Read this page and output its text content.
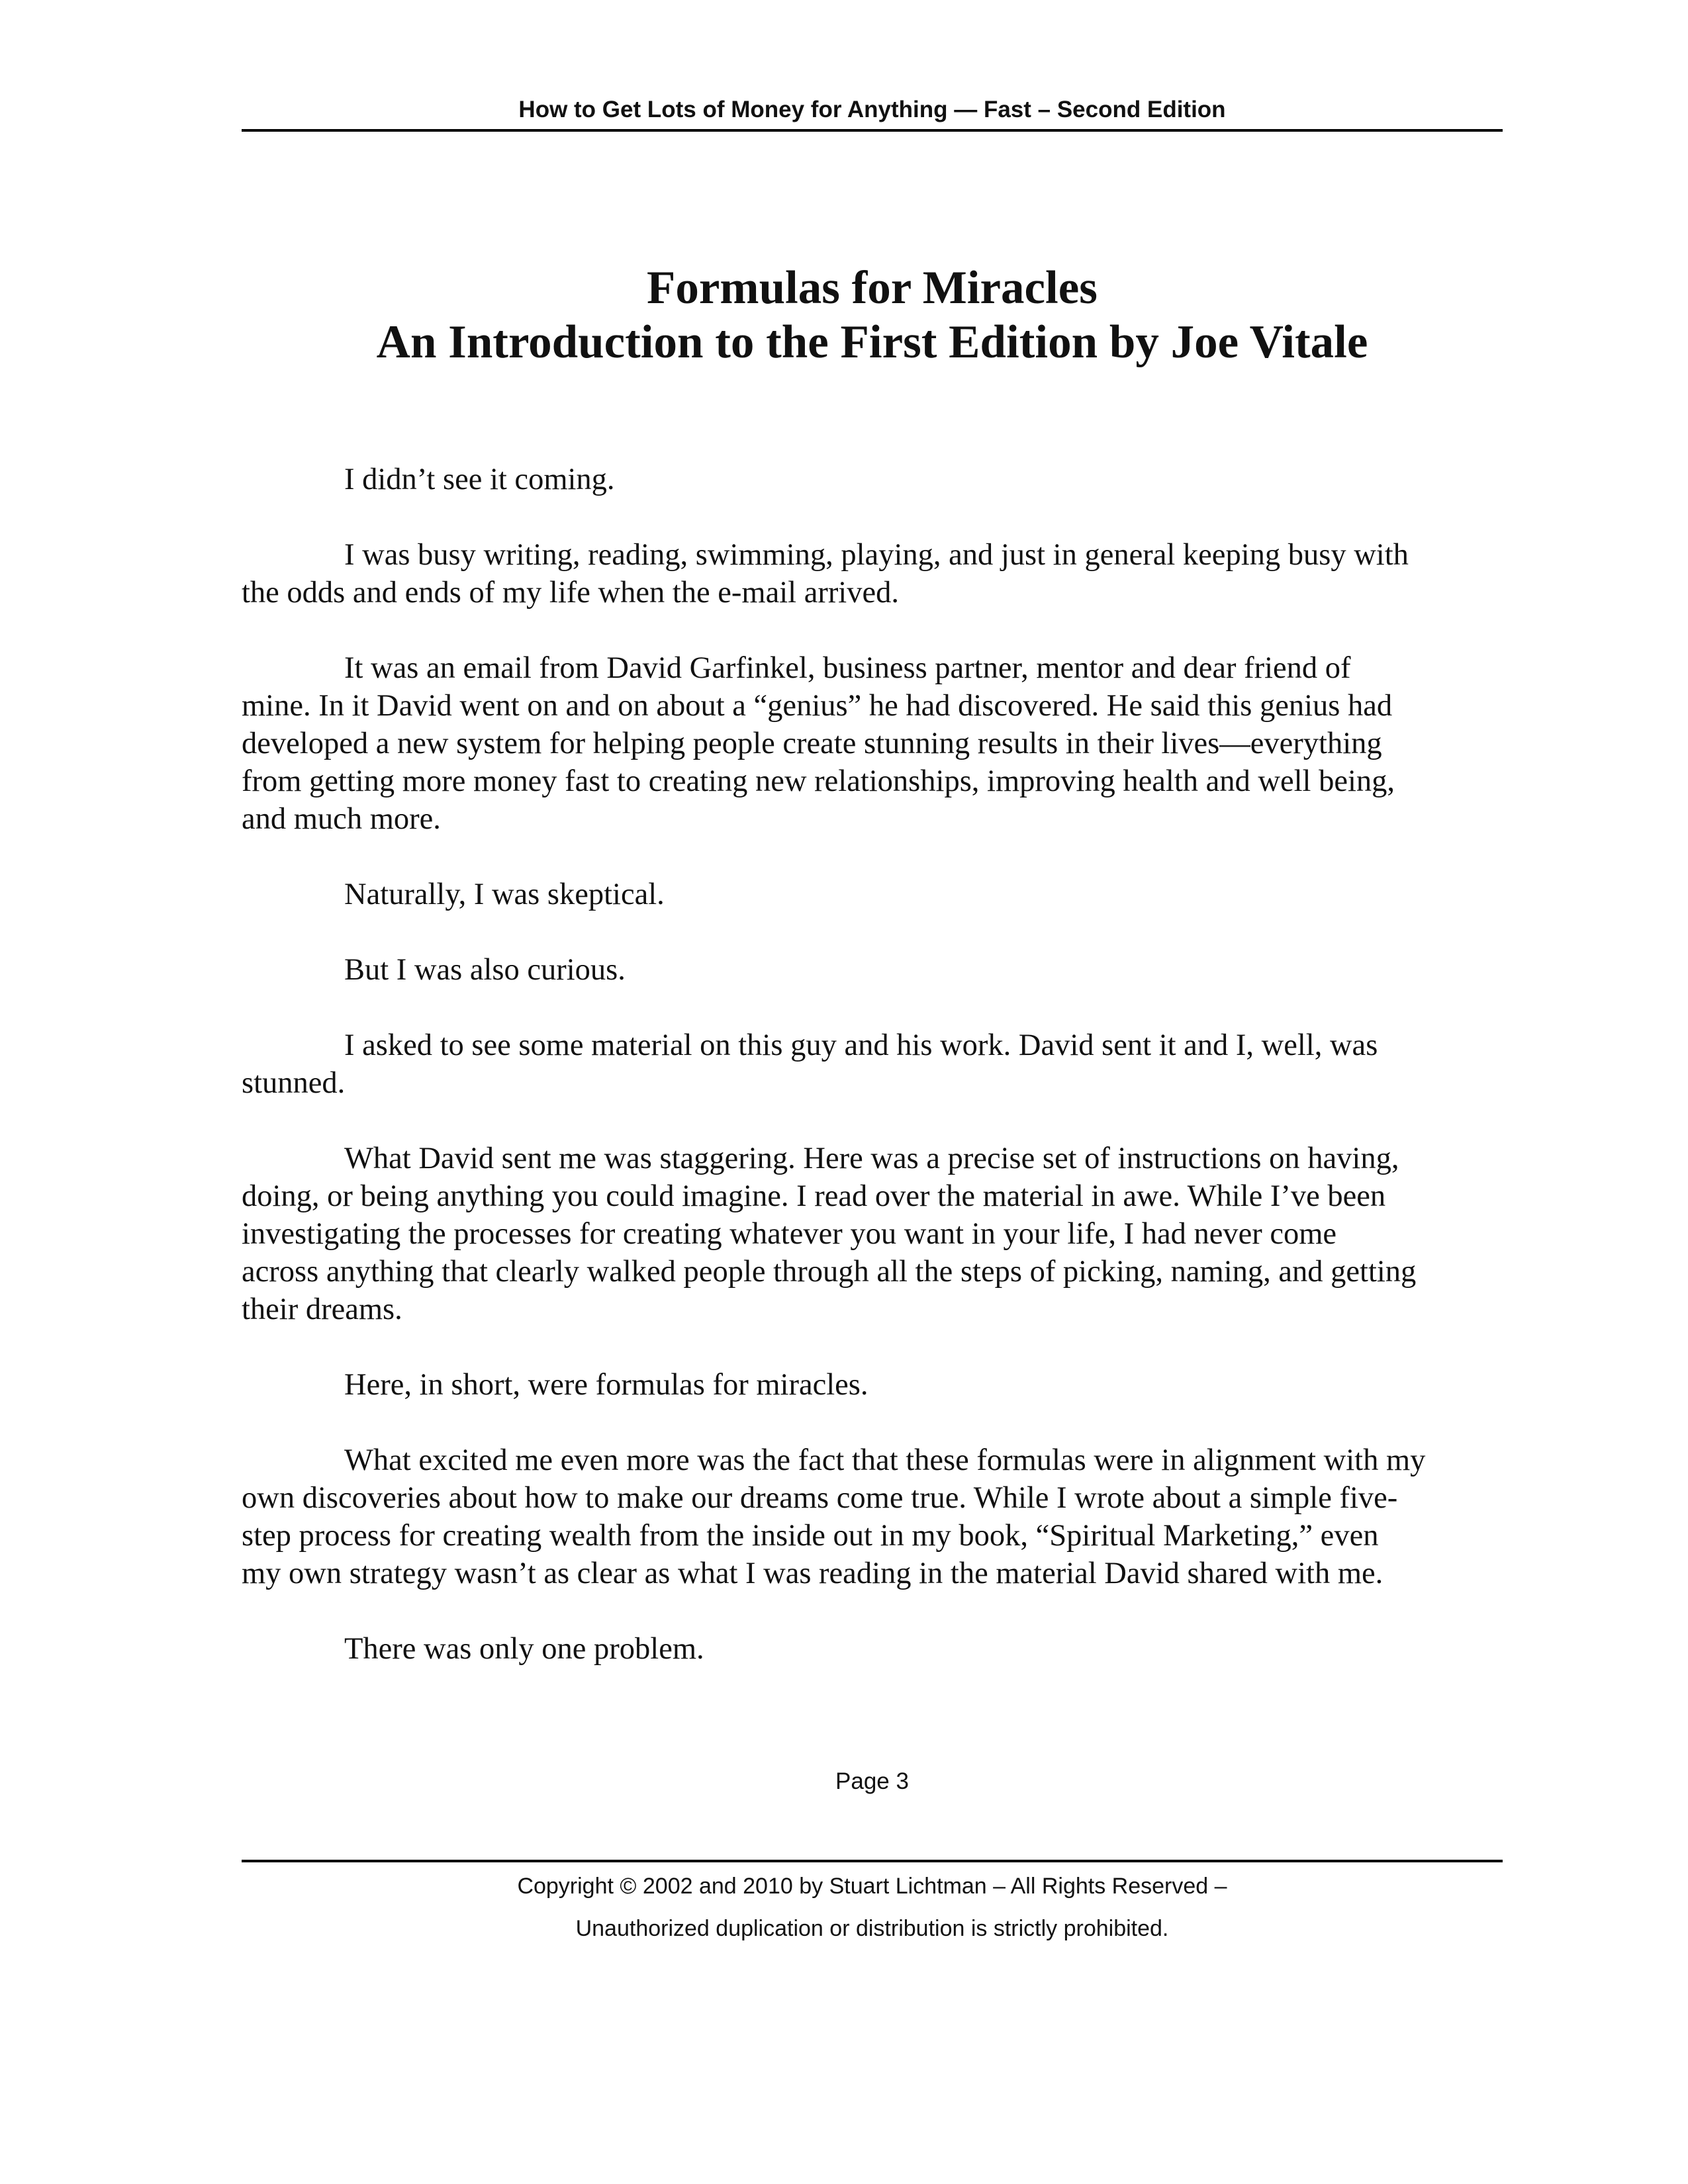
How to Get Lots of Money for Anything — Fast – Second Edition
Formulas for Miracles
An Introduction to the First Edition by Joe Vitale

I didn’t see it coming.

I was busy writing, reading, swimming, playing, and just in general keeping busy with
the odds and ends of my life when the e-mail arrived.

It was an email from David Garfinkel, business partner, mentor and dear friend of
mine. In it David went on and on about a “genius” he had discovered. He said this genius had
developed a new system for helping people create stunning results in their lives—everything
from getting more money fast to creating new relationships, improving health and well being,
and much more.

Naturally, I was skeptical.

But I was also curious.

I asked to see some material on this guy and his work. David sent it and I, well, was
stunned.

What David sent me was staggering. Here was a precise set of instructions on having,
doing, or being anything you could imagine. I read over the material in awe. While I’ve been
investigating the processes for creating whatever you want in your life, I had never come
across anything that clearly walked people through all the steps of picking, naming, and getting
their dreams.

Here, in short, were formulas for miracles.

What excited me even more was the fact that these formulas were in alignment with my
own discoveries about how to make our dreams come true. While I wrote about a simple five-
step process for creating wealth from the inside out in my book, “Spiritual Marketing,” even
my own strategy wasn’t as clear as what I was reading in the material David shared with me.

There was only one problem.

Page 3
Copyright © 2002 and 2010 by Stuart Lichtman – All Rights Reserved –
Unauthorized duplication or distribution is strictly prohibited.
